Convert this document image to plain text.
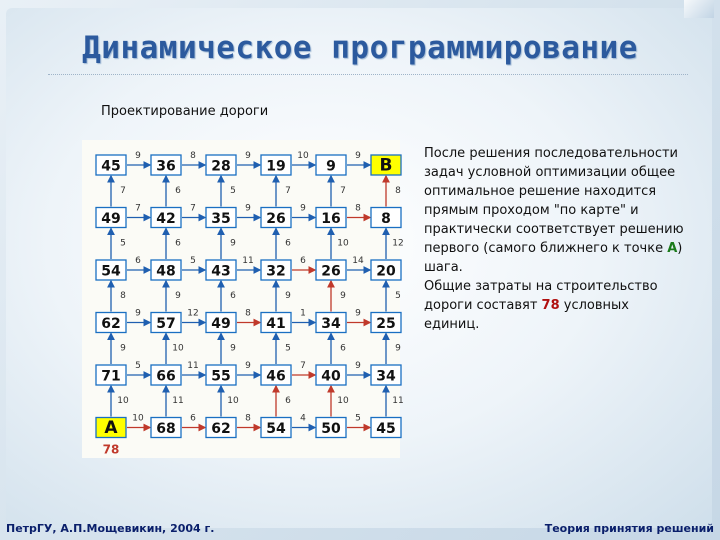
Динамическое программирование
Проектирование дороги
9	8	9	10	9
7	7	9	9	8
6	5	11	6	14
9	12	8	1	9
5	11	9	7	9
10	6	8	4	5
7	6	5	7	7	8
5	6	9	6	10	12
8	9	6	9	9	5
9	10	9	5	6	9
10	11	10	6	10	11
45	36	28	19	9	B
49	42	35	26	16	8
54	48	43	32	26	20
62	57	49	41	34	25
71	66	55	46	40	34
A	68	62	54	50	45
78
После решения последовательности задач условной оптимизации общее оптимальное решение находится прямым проходом "по карте" и практически соответствует решению первого (самого ближнего к точке А) шага.
Общие затраты на строительство дороги составят 78 условных единиц.
ПетрГУ, А.П.Мощевикин, 2004 г.	Теория принятия решений
